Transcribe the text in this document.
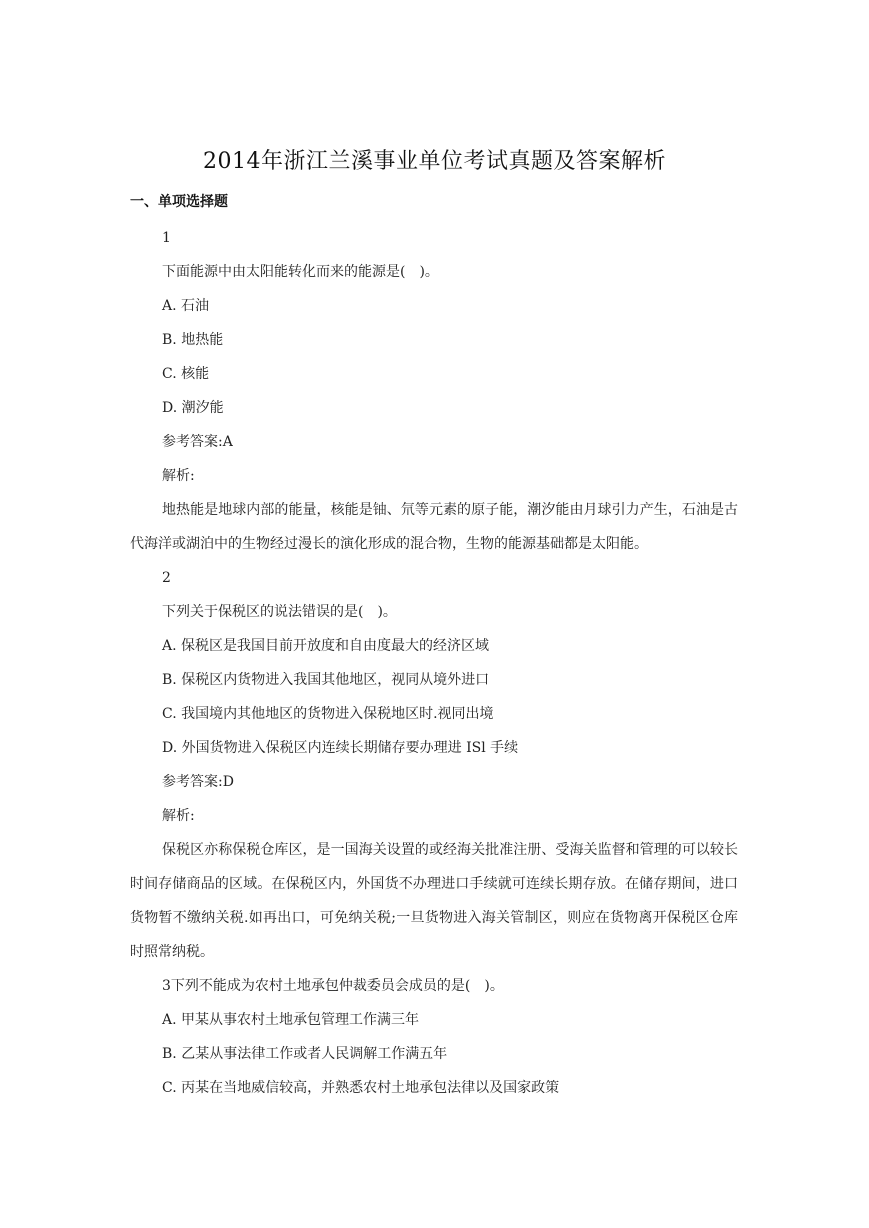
2014年浙江兰溪事业单位考试真题及答案解析
一、单项选择题
1
下面能源中由太阳能转化而来的能源是(　)。
A. 石油
B. 地热能
C. 核能
D. 潮汐能
参考答案:A
解析:
地热能是地球内部的能量，核能是铀、氘等元素的原子能，潮汐能由月球引力产生，石油是古代海洋或湖泊中的生物经过漫长的演化形成的混合物，生物的能源基础都是太阳能。
2
下列关于保税区的说法错误的是(　)。
A. 保税区是我国目前开放度和自由度最大的经济区域
B. 保税区内货物进入我国其他地区，视同从境外进口
C. 我国境内其他地区的货物进入保税地区时.视同出境
D. 外国货物进入保税区内连续长期储存要办理进 ISl 手续
参考答案:D
解析:
保税区亦称保税仓库区，是一国海关设置的或经海关批准注册、受海关监督和管理的可以较长时间存储商品的区域。在保税区内，外国货不办理进口手续就可连续长期存放。在储存期间，进口货物暂不缴纳关税.如再出口，可免纳关税;一旦货物进入海关管制区，则应在货物离开保税区仓库时照常纳税。
3下列不能成为农村土地承包仲裁委员会成员的是(　)。
A. 甲某从事农村土地承包管理工作满三年
B. 乙某从事法律工作或者人民调解工作满五年
C. 丙某在当地威信较高，并熟悉农村土地承包法律以及国家政策
